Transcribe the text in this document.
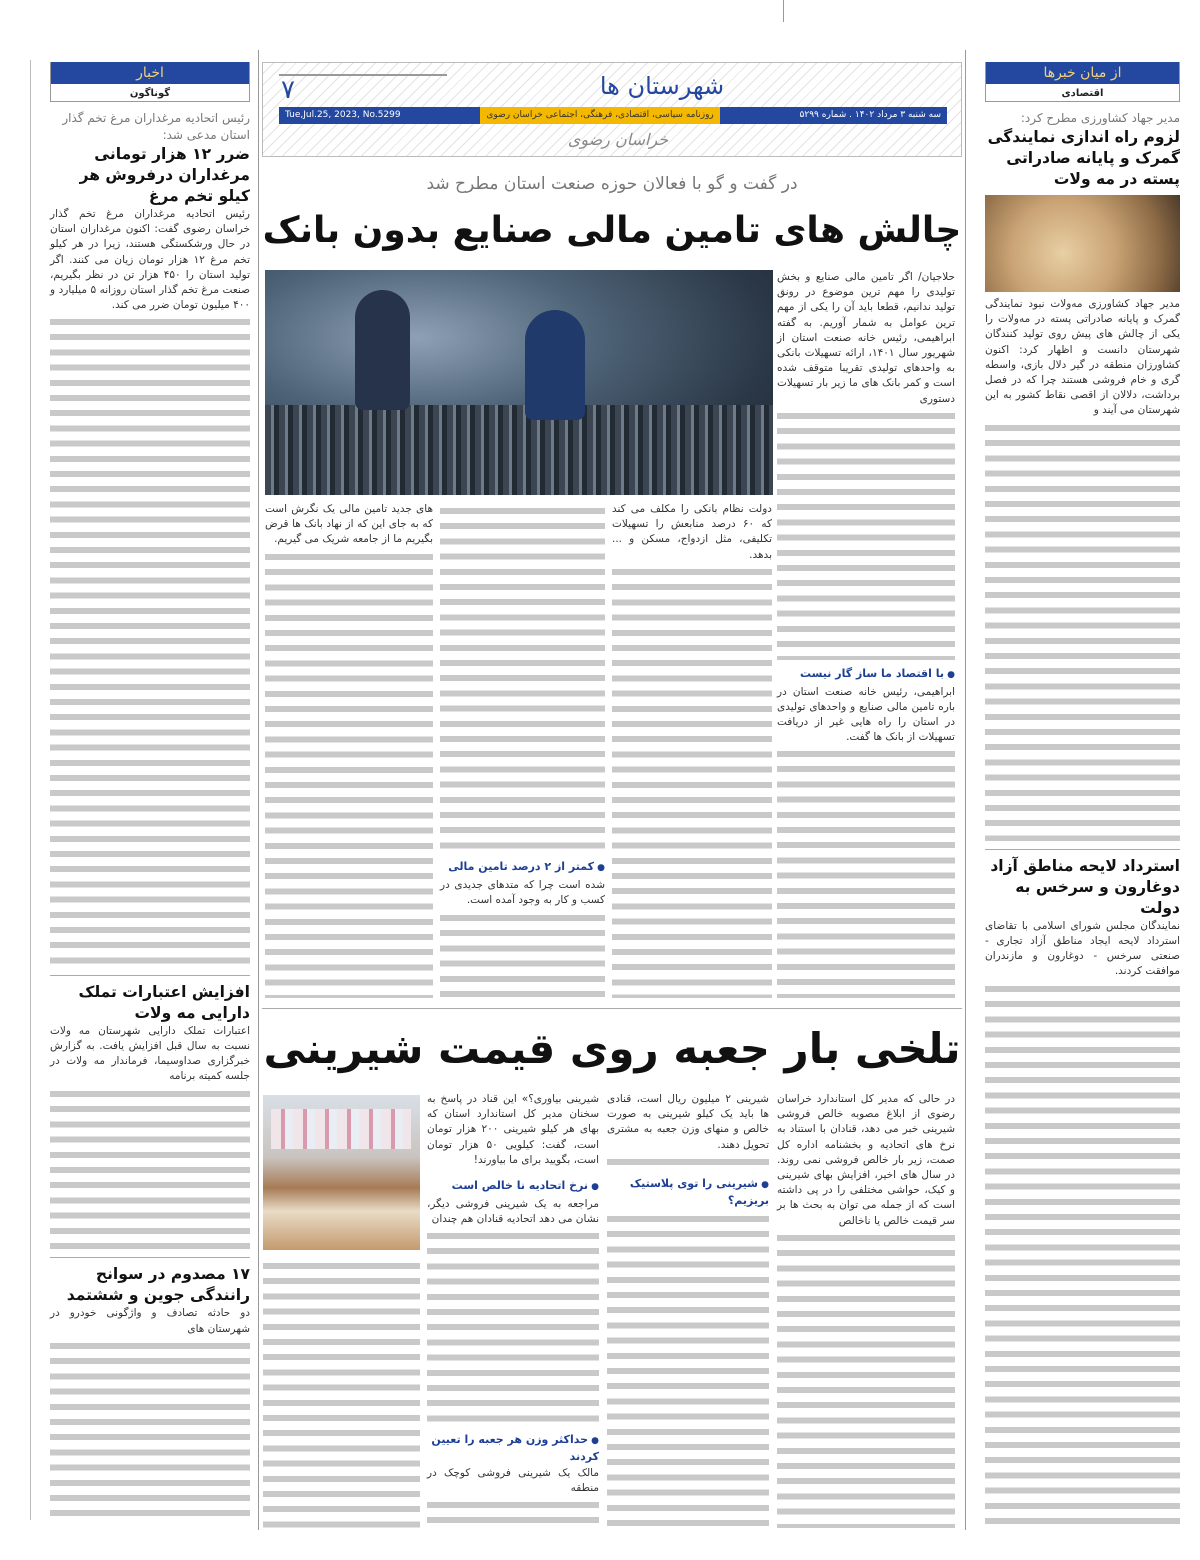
شهرستان ها
۷
سه شنبه ۳ مرداد ۱۴۰۲ . شماره ۵۲۹۹
روزنامه سیاسی، اقتصادی، فرهنگی، اجتماعی خراسان رضوی
Tue,Jul.25, 2023, No.5299
خراسان رضوی
در گفت و گو با فعالان حوزه صنعت استان مطرح شد
چالش های تامین مالی صنایع بدون بانک
حلاجیان/ اگر تامین مالی صنایع و بخش تولیدی را مهم ترین موضوع در رونق تولید ندانیم، قطعا باید آن را یکی از مهم ترین عوامل به شمار آوریم. به گفته ابراهیمی، رئیس خانه صنعت استان از شهریور سال ۱۴۰۱، ارائه تسهیلات بانکی به واحدهای تولیدی تقریبا متوقف شده است و کمر بانک های ما زیر بار تسهیلات دستوری
● با اقتصاد ما ساز گار نیست
ابراهیمی، رئیس خانه صنعت استان در باره تامین مالی صنایع و واحدهای تولیدی در استان را راه هایی غیر از دریافت تسهیلات از بانک ها گفت.
دولت نظام بانکی را مکلف می کند که ۶۰ درصد منابعش را تسهیلات تکلیفی، مثل ازدواج، مسکن و ... بدهد.
● کمتر از ۲ درصد تامین مالی
شده است چرا که متدهای جدیدی در کسب و کار به وجود آمده است.
های جدید تامین مالی یک نگرش است که به جای این که از نهاد بانک ها قرض بگیریم ما از جامعه شریک می گیریم.
تلخی بار جعبه روی قیمت شیرینی
در حالی که مدیر کل استاندارد خراسان رضوی از ابلاغ مصوبه خالص فروشی شیرینی خبر می دهد، قنادان با استناد به نرخ های اتحادیه و بخشنامه اداره کل صمت، زیر بار خالص فروشی نمی روند. در سال های اخیر، افزایش بهای شیرینی و کیک، حواشی مختلفی را در پی داشته است که از جمله می توان به بحث ها بر سر قیمت خالص یا ناخالص
شیرینی ۲ میلیون ریال است، قنادی ها باید یک کیلو شیرینی به صورت خالص و منهای وزن جعبه به مشتری تحویل دهند.
● شیرینی را توی پلاستیک بریزیم؟
شیرینی بیاوری؟» این قناد در پاسخ به سخنان مدیر کل استاندارد استان که بهای هر کیلو شیرینی ۲۰۰ هزار تومان است، گفت: کیلویی ۵۰ هزار تومان است، بگویید برای ما بیاورند!
● نرخ اتحادیه نا خالص است
مراجعه به یک شیرینی فروشی دیگر، نشان می دهد اتحادیه قنادان هم چندان
● حداکثر وزن هر جعبه را تعیین کردند
مالک یک شیرینی فروشی کوچک در منطقه
از میان خبرها
اقتصادی
مدیر جهاد کشاورزی مطرح کرد:
لزوم راه اندازی نمایندگی گمرک و پایانه صادراتی پسته در مه ولات
مدیر جهاد کشاورزی مه‌ولات نبود نمایندگی گمرک و پایانه صادراتی پسته در مه‌ولات را یکی از چالش های پیش روی تولید کنندگان شهرستان دانست و اظهار کرد: اکنون کشاورزان منطقه در گیر دلال بازی، واسطه گری و خام فروشی هستند چرا که در فصل برداشت، دلالان از اقصی نقاط کشور به این شهرستان می آیند و
استرداد لایحه مناطق آزاد دوغارون و سرخس به دولت
نمایندگان مجلس شورای اسلامی با تقاضای استرداد لایحه ایجاد مناطق آزاد تجاری - صنعتی سرخس - دوغارون و مازندران موافقت کردند.
اخبار
گوناگون
رئیس اتحادیه مرغداران مرغ تخم گذار استان مدعی شد:
ضرر ۱۲ هزار تومانی مرغداران درفروش هر کیلو تخم مرغ
رئیس اتحادیه مرغداران مرغ تخم گذار خراسان رضوی گفت: اکنون مرغداران استان در حال ورشکستگی هستند، زیرا در هر کیلو تخم مرغ ۱۲ هزار تومان زیان می کنند. اگر تولید استان را ۴۵۰ هزار تن در نظر بگیریم، صنعت مرغ تخم گذار استان روزانه ۵ میلیارد و ۴۰۰ میلیون تومان ضرر می کند.
افزایش اعتبارات تملک دارایی مه ولات
اعتبارات تملک دارایی شهرستان مه ولات نسبت به سال قبل افزایش یافت. به گزارش خبرگزاری صداوسیما، فرماندار مه ولات در جلسه کمیته برنامه
۱۷ مصدوم در سوانح رانندگی جوین و ششتمد
دو حادثه تصادف و واژگونی خودرو در شهرستان های
